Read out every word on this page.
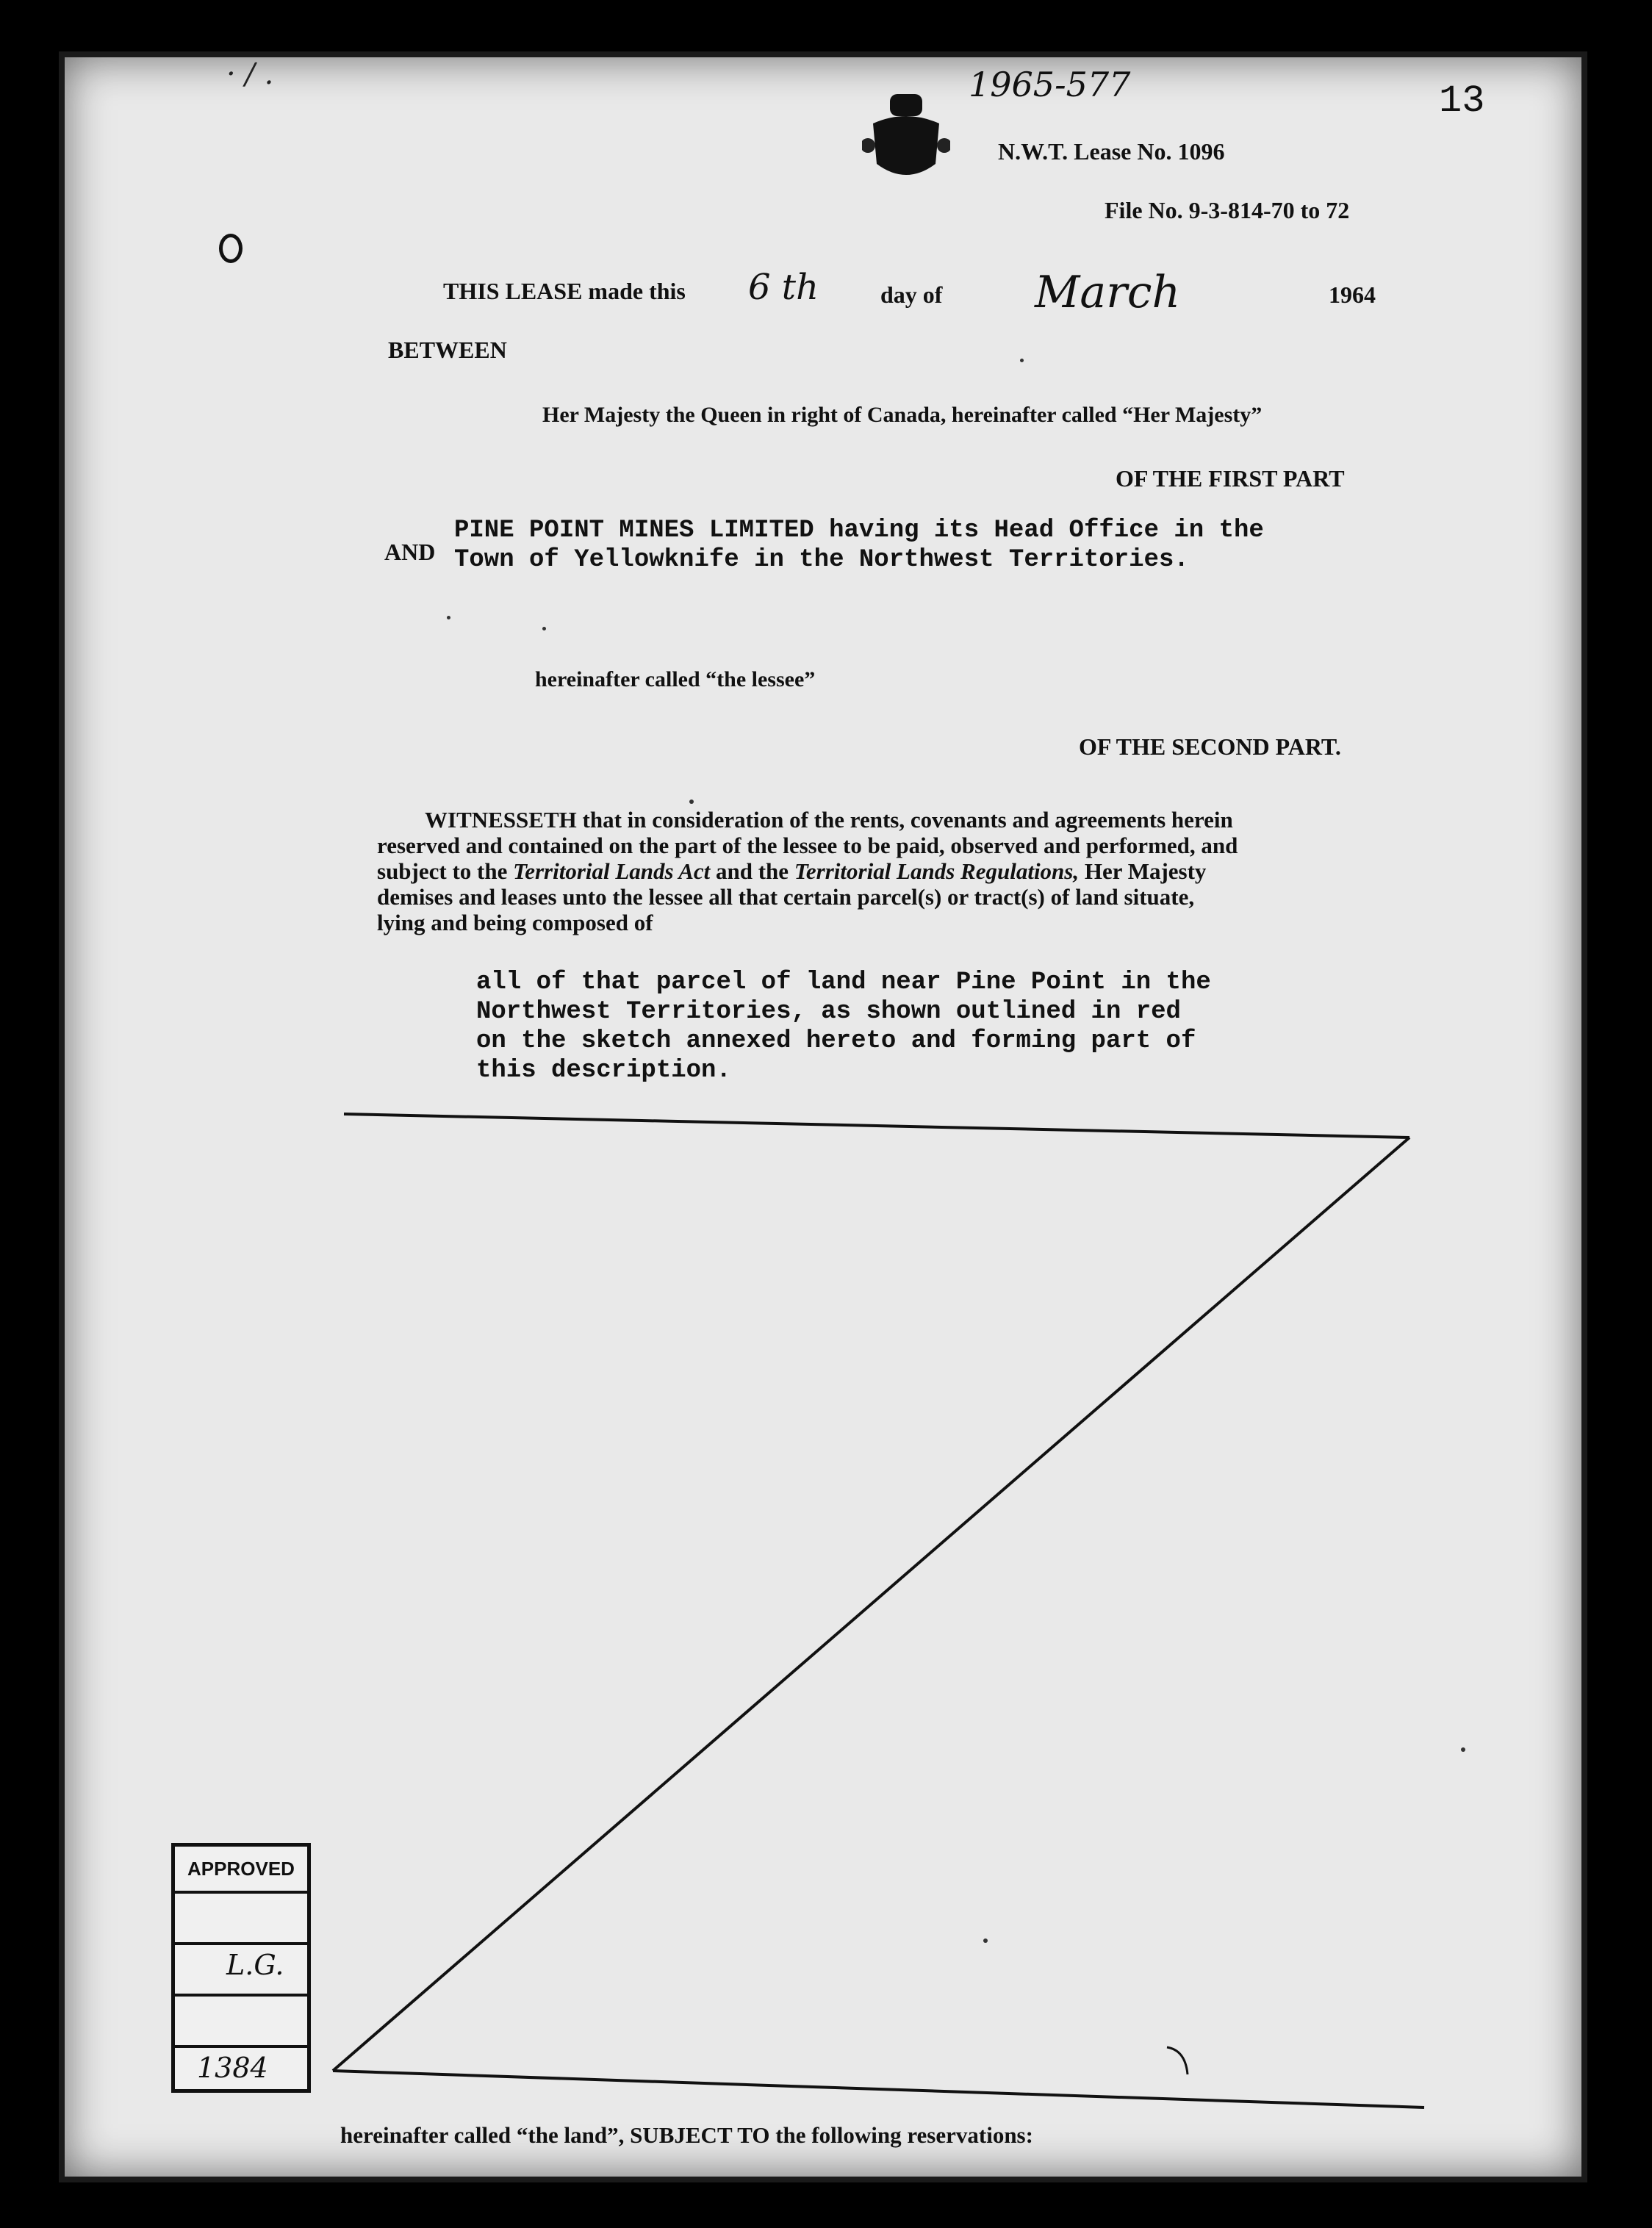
· ∕ .	1965-577	13
N.W.T. Lease No. 1096
File No. 9-3-814-70 to 72
THIS LEASE made this 6 th	day of March	1964
BETWEEN
Her Majesty the Queen in right of Canada, hereinafter called “Her Majesty”
OF THE FIRST PART
AND
PINE POINT MINES LIMITED having its Head Office in the
Town of Yellowknife in the Northwest Territories.
hereinafter called “the lessee”
OF THE SECOND PART.
WITNESSETH that in consideration of the rents, covenants and agreements herein
reserved and contained on the part of the lessee to be paid, observed and performed, and
subject to the Territorial Lands Act and the Territorial Lands Regulations, Her Majesty
demises and leases unto the lessee all that certain parcel(s) or tract(s) of land situate,
lying and being composed of
all of that parcel of land near Pine Point in the
Northwest Territories, as shown outlined in red
on the sketch annexed hereto and forming part of
this description.
APPROVED
L.G.
1384
hereinafter called “the land”, SUBJECT TO the following reservations:
